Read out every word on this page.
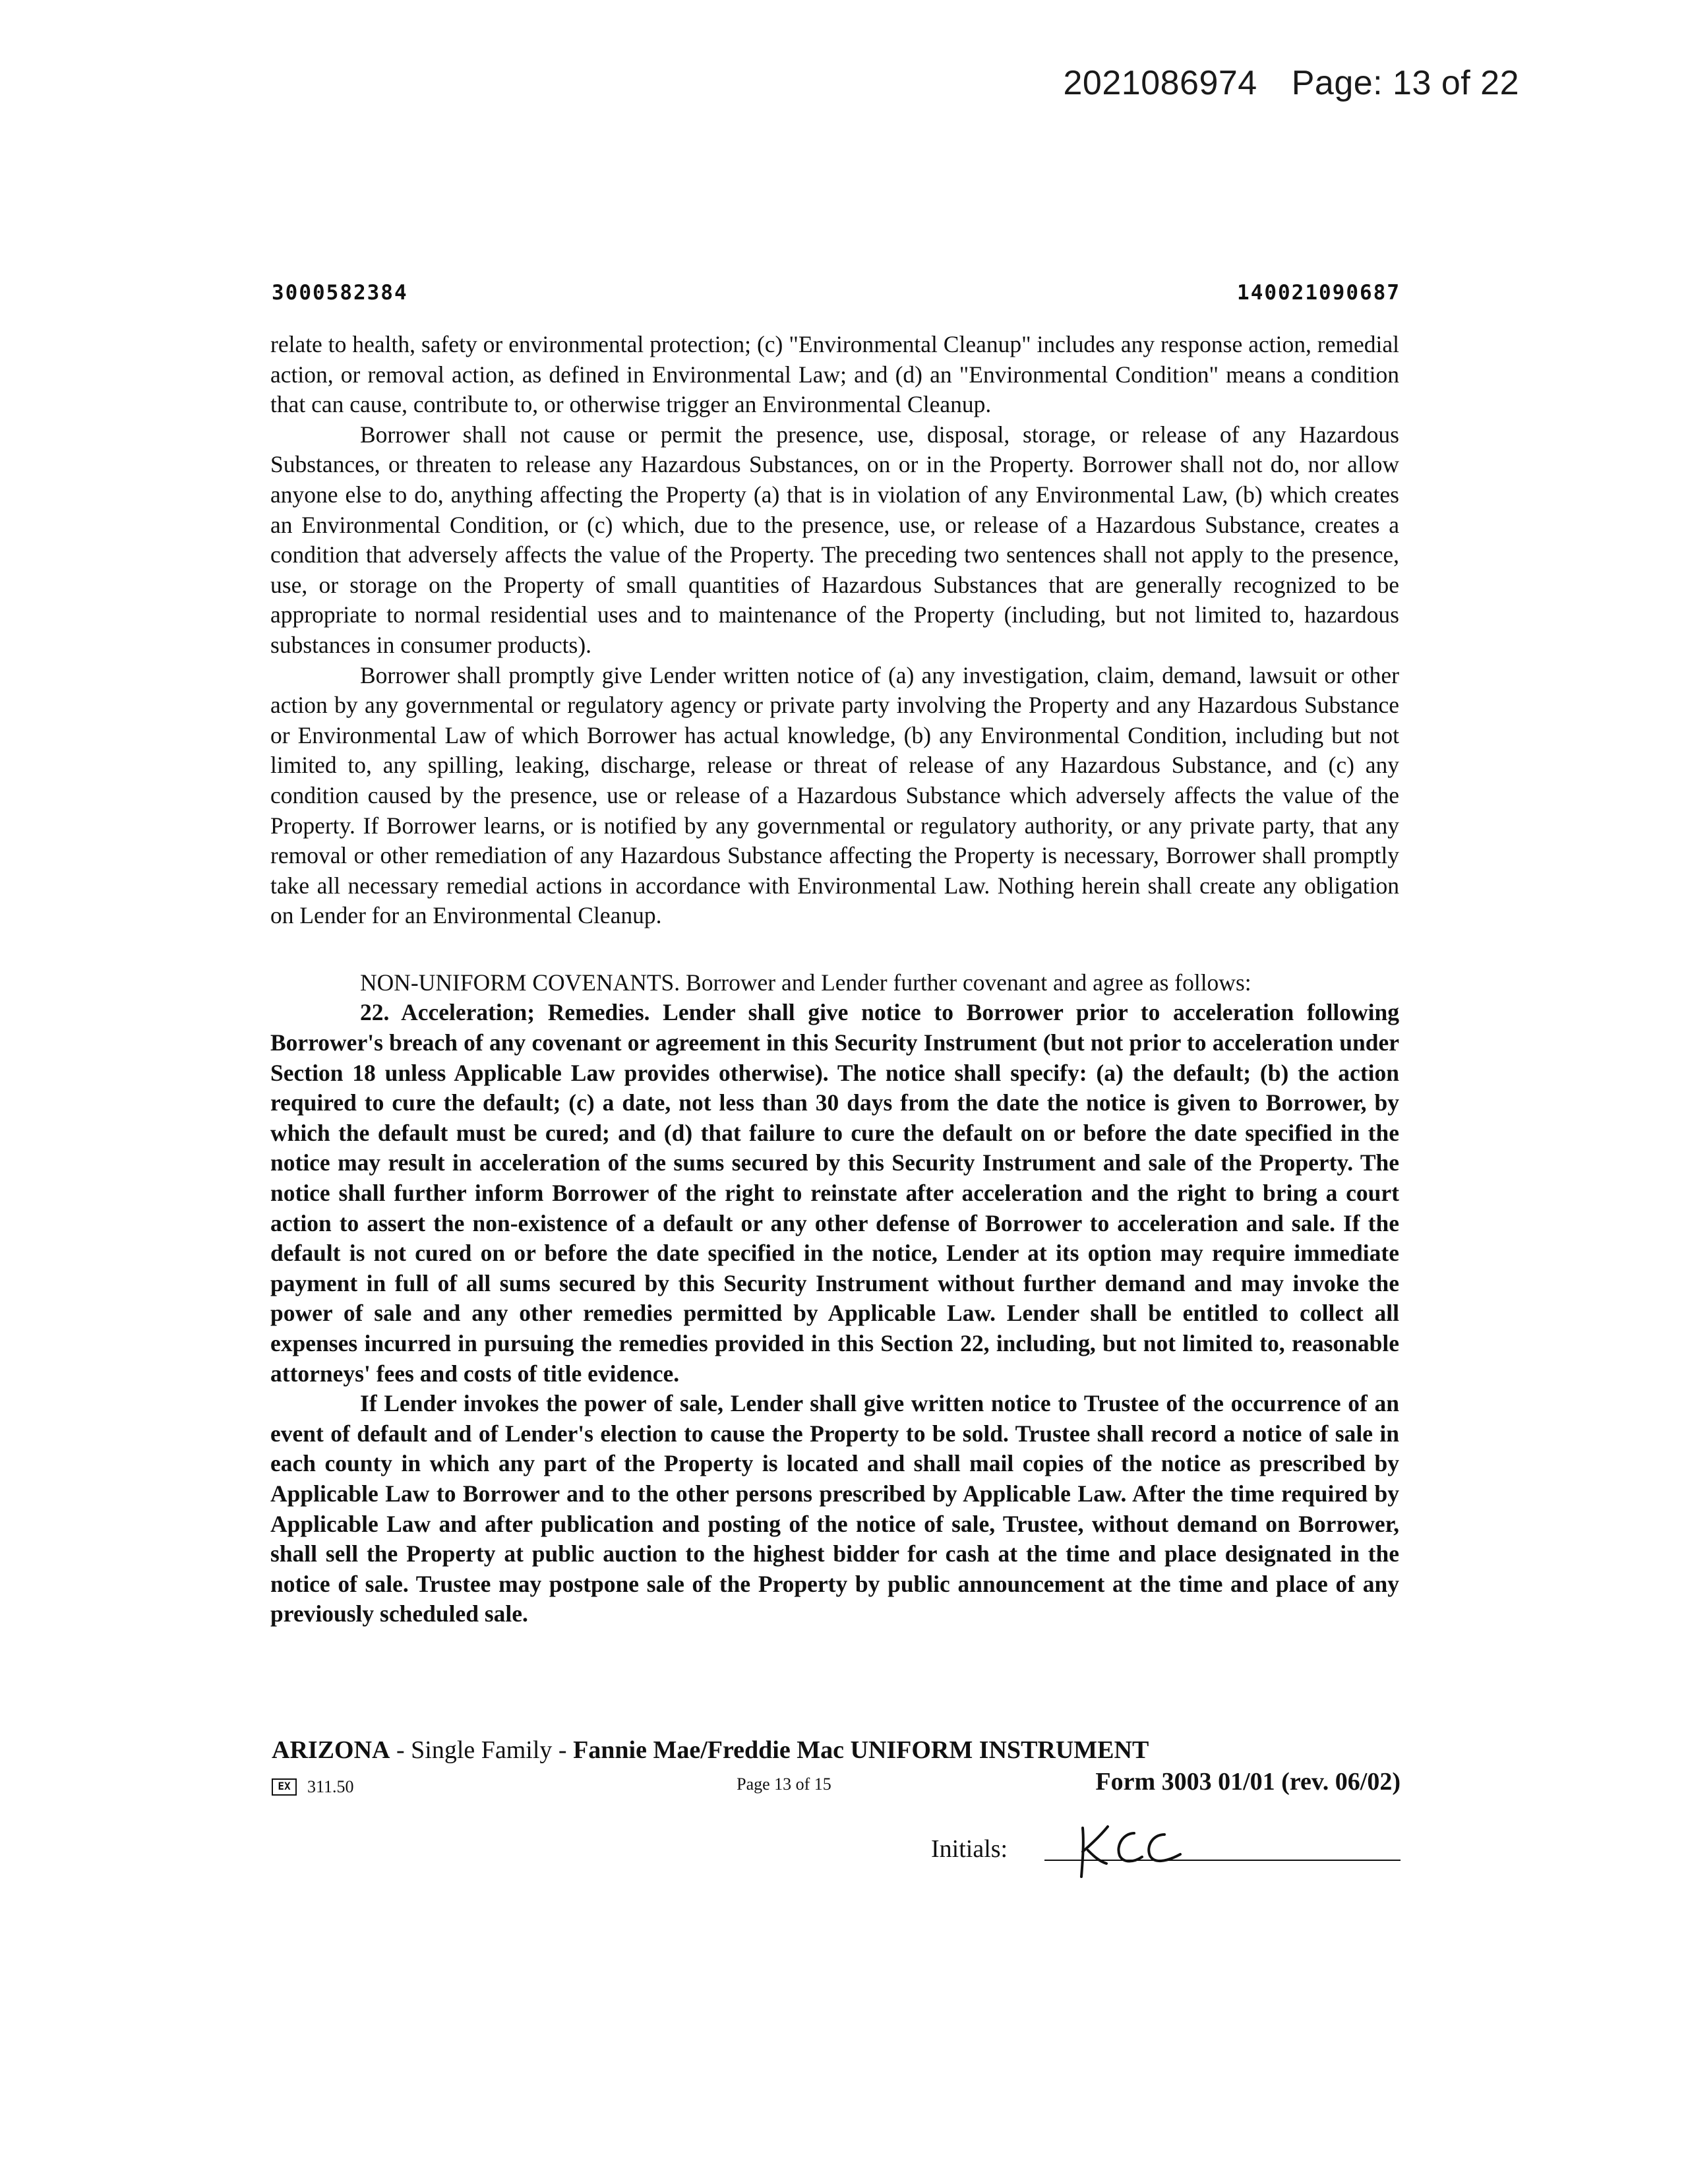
2021086974 Page: 13 of 22
3000582384	140021090687

relate to health, safety or environmental protection; (c) "Environmental Cleanup" includes any response action, remedial action, or removal action, as defined in Environmental Law; and (d) an "Environmental Condition" means a condition that can cause, contribute to, or otherwise trigger an Environmental Cleanup.

Borrower shall not cause or permit the presence, use, disposal, storage, or release of any Hazardous Substances, or threaten to release any Hazardous Substances, on or in the Property. Borrower shall not do, nor allow anyone else to do, anything affecting the Property (a) that is in violation of any Environmental Law, (b) which creates an Environmental Condition, or (c) which, due to the presence, use, or release of a Hazardous Substance, creates a condition that adversely affects the value of the Property. The preceding two sentences shall not apply to the presence, use, or storage on the Property of small quantities of Hazardous Substances that are generally recognized to be appropriate to normal residential uses and to maintenance of the Property (including, but not limited to, hazardous substances in consumer products).

Borrower shall promptly give Lender written notice of (a) any investigation, claim, demand, lawsuit or other action by any governmental or regulatory agency or private party involving the Property and any Hazardous Substance or Environmental Law of which Borrower has actual knowledge, (b) any Environmental Condition, including but not limited to, any spilling, leaking, discharge, release or threat of release of any Hazardous Substance, and (c) any condition caused by the presence, use or release of a Hazardous Substance which adversely affects the value of the Property. If Borrower learns, or is notified by any governmental or regulatory authority, or any private party, that any removal or other remediation of any Hazardous Substance affecting the Property is necessary, Borrower shall promptly take all necessary remedial actions in accordance with Environmental Law. Nothing herein shall create any obligation on Lender for an Environmental Cleanup.

NON-UNIFORM COVENANTS. Borrower and Lender further covenant and agree as follows:

22. Acceleration; Remedies. Lender shall give notice to Borrower prior to acceleration following Borrower's breach of any covenant or agreement in this Security Instrument (but not prior to acceleration under Section 18 unless Applicable Law provides otherwise). The notice shall specify: (a) the default; (b) the action required to cure the default; (c) a date, not less than 30 days from the date the notice is given to Borrower, by which the default must be cured; and (d) that failure to cure the default on or before the date specified in the notice may result in acceleration of the sums secured by this Security Instrument and sale of the Property. The notice shall further inform Borrower of the right to reinstate after acceleration and the right to bring a court action to assert the non-existence of a default or any other defense of Borrower to acceleration and sale. If the default is not cured on or before the date specified in the notice, Lender at its option may require immediate payment in full of all sums secured by this Security Instrument without further demand and may invoke the power of sale and any other remedies permitted by Applicable Law. Lender shall be entitled to collect all expenses incurred in pursuing the remedies provided in this Section 22, including, but not limited to, reasonable attorneys' fees and costs of title evidence.

If Lender invokes the power of sale, Lender shall give written notice to Trustee of the occurrence of an event of default and of Lender's election to cause the Property to be sold. Trustee shall record a notice of sale in each county in which any part of the Property is located and shall mail copies of the notice as prescribed by Applicable Law to Borrower and to the other persons prescribed by Applicable Law. After the time required by Applicable Law and after publication and posting of the notice of sale, Trustee, without demand on Borrower, shall sell the Property at public auction to the highest bidder for cash at the time and place designated in the notice of sale. Trustee may postpone sale of the Property by public announcement at the time and place of any previously scheduled sale.

ARIZONA - Single Family - Fannie Mae/Freddie Mac UNIFORM INSTRUMENT
EX 311.50	Page 13 of 15	Form 3003 01/01 (rev. 06/02)
Initials:
